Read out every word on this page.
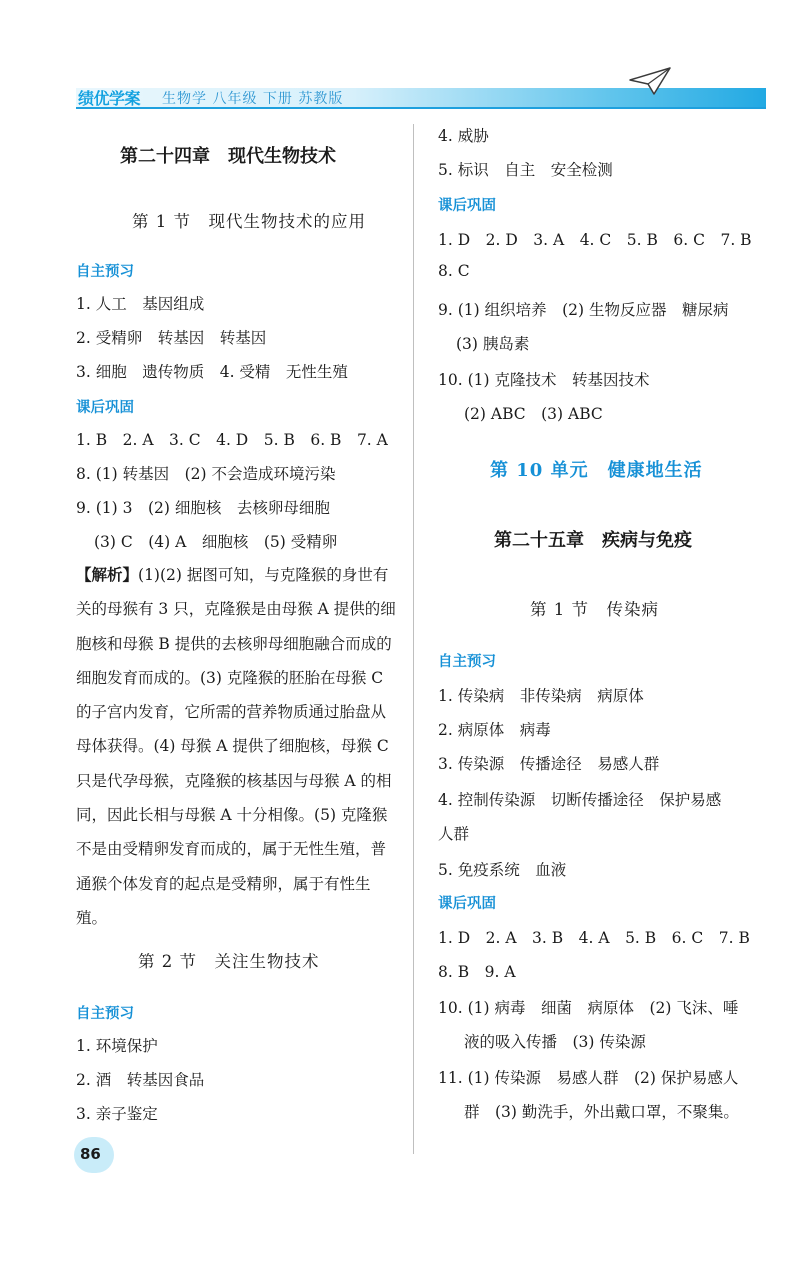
绩优学案 生物学 八年级 下册 苏教版
第二十四章　现代生物技术
第 1 节　现代生物技术的应用
自主预习
1. 人工　基因组成
2. 受精卵　转基因　转基因
3. 细胞　遗传物质　4. 受精　无性生殖
课后巩固
1. B　2. A　3. C　4. D　5. B　6. B　7. A
8. (1) 转基因　(2) 不会造成环境污染
9. (1) 3　(2) 细胞核　去核卵母细胞
(3) C　(4) A　细胞核　(5) 受精卵
【解析】(1)(2) 据图可知，与克隆猴的身世有关的母猴有 3 只，克隆猴是由母猴 A 提供的细胞核和母猴 B 提供的去核卵母细胞融合而成的细胞发育而成的。(3) 克隆猴的胚胎在母猴 C 的子宫内发育，它所需的营养物质通过胎盘从母体获得。(4) 母猴 A 提供了细胞核，母猴 C 只是代孕母猴，克隆猴的核基因与母猴 A 的相同，因此长相与母猴 A 十分相像。(5) 克隆猴不是由受精卵发育而成的，属于无性生殖，普通猴个体发育的起点是受精卵，属于有性生殖。
第 2 节　关注生物技术
自主预习
1. 环境保护
2. 酒　转基因食品
3. 亲子鉴定
4. 威胁
5. 标识　自主　安全检测
课后巩固
1. D　2. D　3. A　4. C　5. B　6. C　7. B
8. C
9. (1) 组织培养　(2) 生物反应器　糖尿病
(3) 胰岛素
10. (1) 克隆技术　转基因技术
(2) ABC　(3) ABC
第 10 单元　健康地生活
第二十五章　疾病与免疫
第 1 节　传染病
自主预习
1. 传染病　非传染病　病原体
2. 病原体　病毒
3. 传染源　传播途径　易感人群
4. 控制传染源　切断传播途径　保护易感
人群
5. 免疫系统　血液
课后巩固
1. D　2. A　3. B　4. A　5. B　6. C　7. B
8. B　9. A
10. (1) 病毒　细菌　病原体　(2) 飞沫、唾
液的吸入传播　(3) 传染源
11. (1) 传染源　易感人群　(2) 保护易感人
群　(3) 勤洗手，外出戴口罩，不聚集。
86
